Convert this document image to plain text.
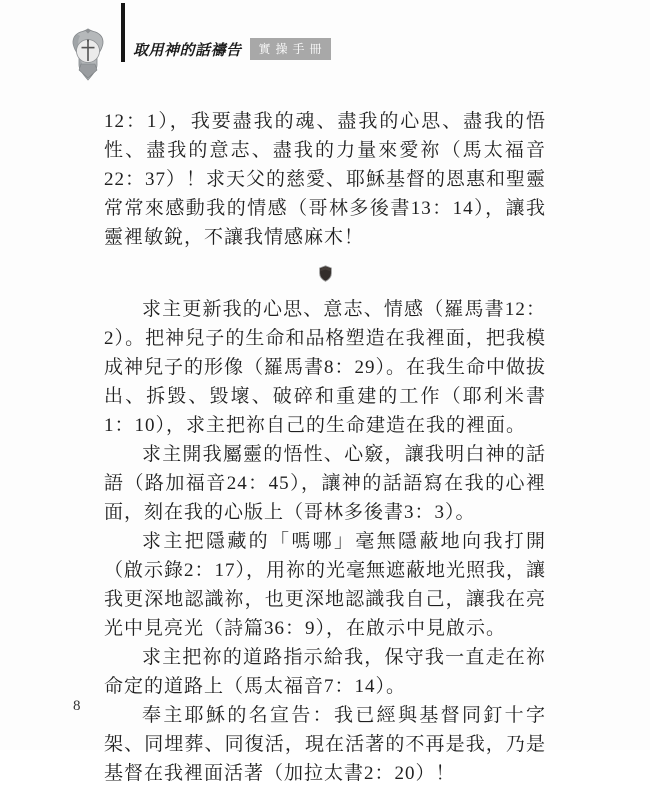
取用神的話禱告	實操手冊

12：1），我要盡我的魂、盡我的心思、盡我的悟性、盡我的意志、盡我的力量來愛祢（馬太福音22：37）！求天父的慈愛、耶穌基督的恩惠和聖靈常常來感動我的情感（哥林多後書13：14），讓我靈裡敏銳，不讓我情感麻木！

求主更新我的心思、意志、情感（羅馬書12：2）。把神兒子的生命和品格塑造在我裡面，把我模成神兒子的形像（羅馬書8：29）。在我生命中做拔出、拆毀、毀壞、破碎和重建的工作（耶利米書1：10），求主把祢自己的生命建造在我的裡面。

求主開我屬靈的悟性、心竅，讓我明白神的話語（路加福音24：45），讓神的話語寫在我的心裡面，刻在我的心版上（哥林多後書3：3）。

求主把隱藏的「嗎哪」毫無隱蔽地向我打開（啟示錄2：17），用祢的光毫無遮蔽地光照我，讓我更深地認識祢，也更深地認識我自己，讓我在亮光中見亮光（詩篇36：9），在啟示中見啟示。

求主把祢的道路指示給我，保守我一直走在祢命定的道路上（馬太福音7：14）。

奉主耶穌的名宣告：我已經與基督同釘十字架、同埋葬、同復活，現在活著的不再是我，乃是基督在我裡面活著（加拉太書2：20）！

8
